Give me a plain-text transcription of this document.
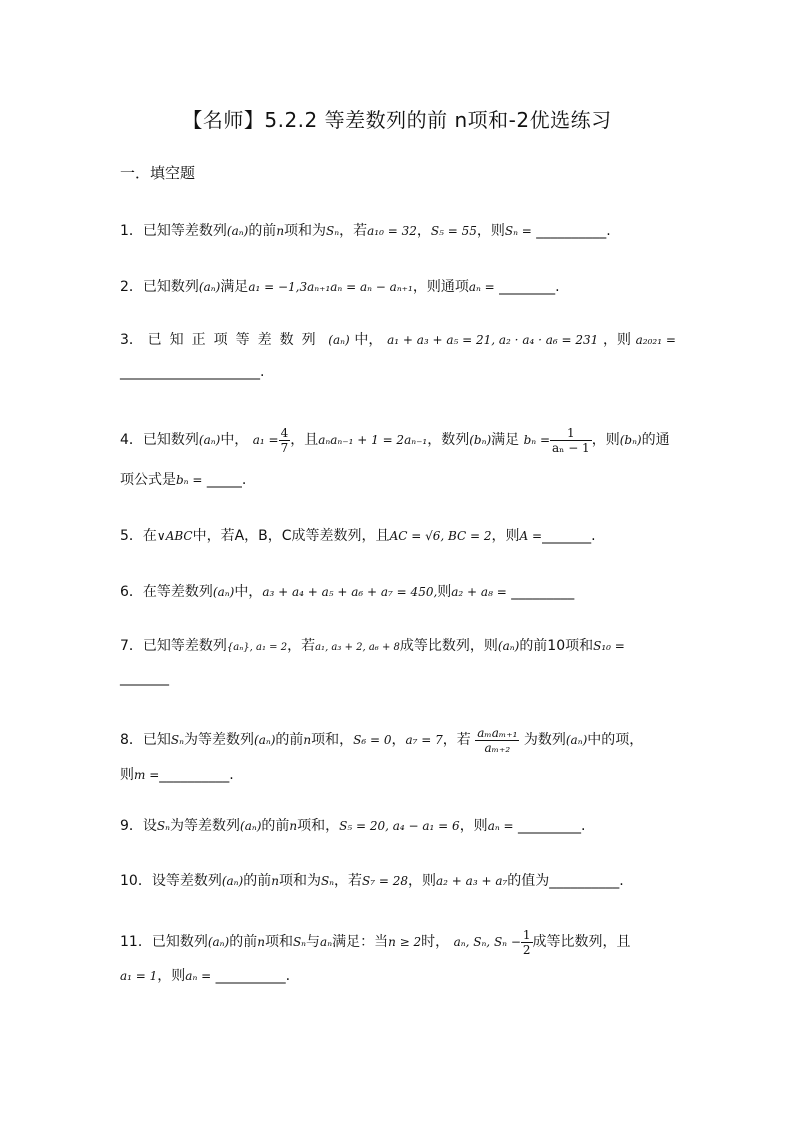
【名师】5.2.2 等差数列的前 n项和-2优选练习
一．填空题
1．已知等差数列(aₙ)的前n项和为Sₙ，若a₁₀ = 32，S₅ = 55，则Sₙ = __________.
2．已知数列(aₙ)满足a₁ = −1,3aₙ₊₁aₙ = aₙ − aₙ₊₁，则通项aₙ = ________.
3． 已知正项等差数列 (aₙ) 中， a₁ + a₃ + a₅ = 21, a₂ · a₄ · a₆ = 231 ，则 a₂₀₂₁ =
____________________.
4．已知数列(aₙ)中， $a_1 = \frac{4}{7}$ ，且aₙaₙ₋₁ + 1 = 2aₙ₋₁，数列(bₙ)满足 $b_n = \frac{1}{\text{aₙ − 1}}$ ，则(bₙ)的通
项公式是bₙ = _____.
5．在∨ABC中，若A，B，C成等差数列，且AC = √6, BC = 2，则A =_______.
6．在等差数列(aₙ)中，a₃ + a₄ + a₅ + a₆ + a₇ = 450,则a₂ + a₈ = _________
7．已知等差数列{aₙ}, a₁ = 2，若a₁, a₃ + 2, a₆ + 8成等比数列，则(aₙ)的前10项和S₁₀ =
_______
8．已知Sₙ为等差数列(aₙ)的前n项和，S₆ = 0，a₇ = 7，若 $\frac{\text{aₘaₘ₊₁}}{\text{aₘ₊₂}}$ 为数列(aₙ)中的项，
则m =__________.
9．设Sₙ为等差数列(aₙ)的前n项和，S₅ = 20, a₄ − a₁ = 6，则aₙ = _________.
10．设等差数列(aₙ)的前n项和为Sₙ，若S₇ = 28，则a₂ + a₃ + a₇的值为__________.
11．已知数列(aₙ)的前n项和Sₙ与aₙ满足：当n ≥ 2时， aₙ, Sₙ, $S_n - \frac{1}{2}$ 成等比数列，且
a₁ = 1，则aₙ = __________.
